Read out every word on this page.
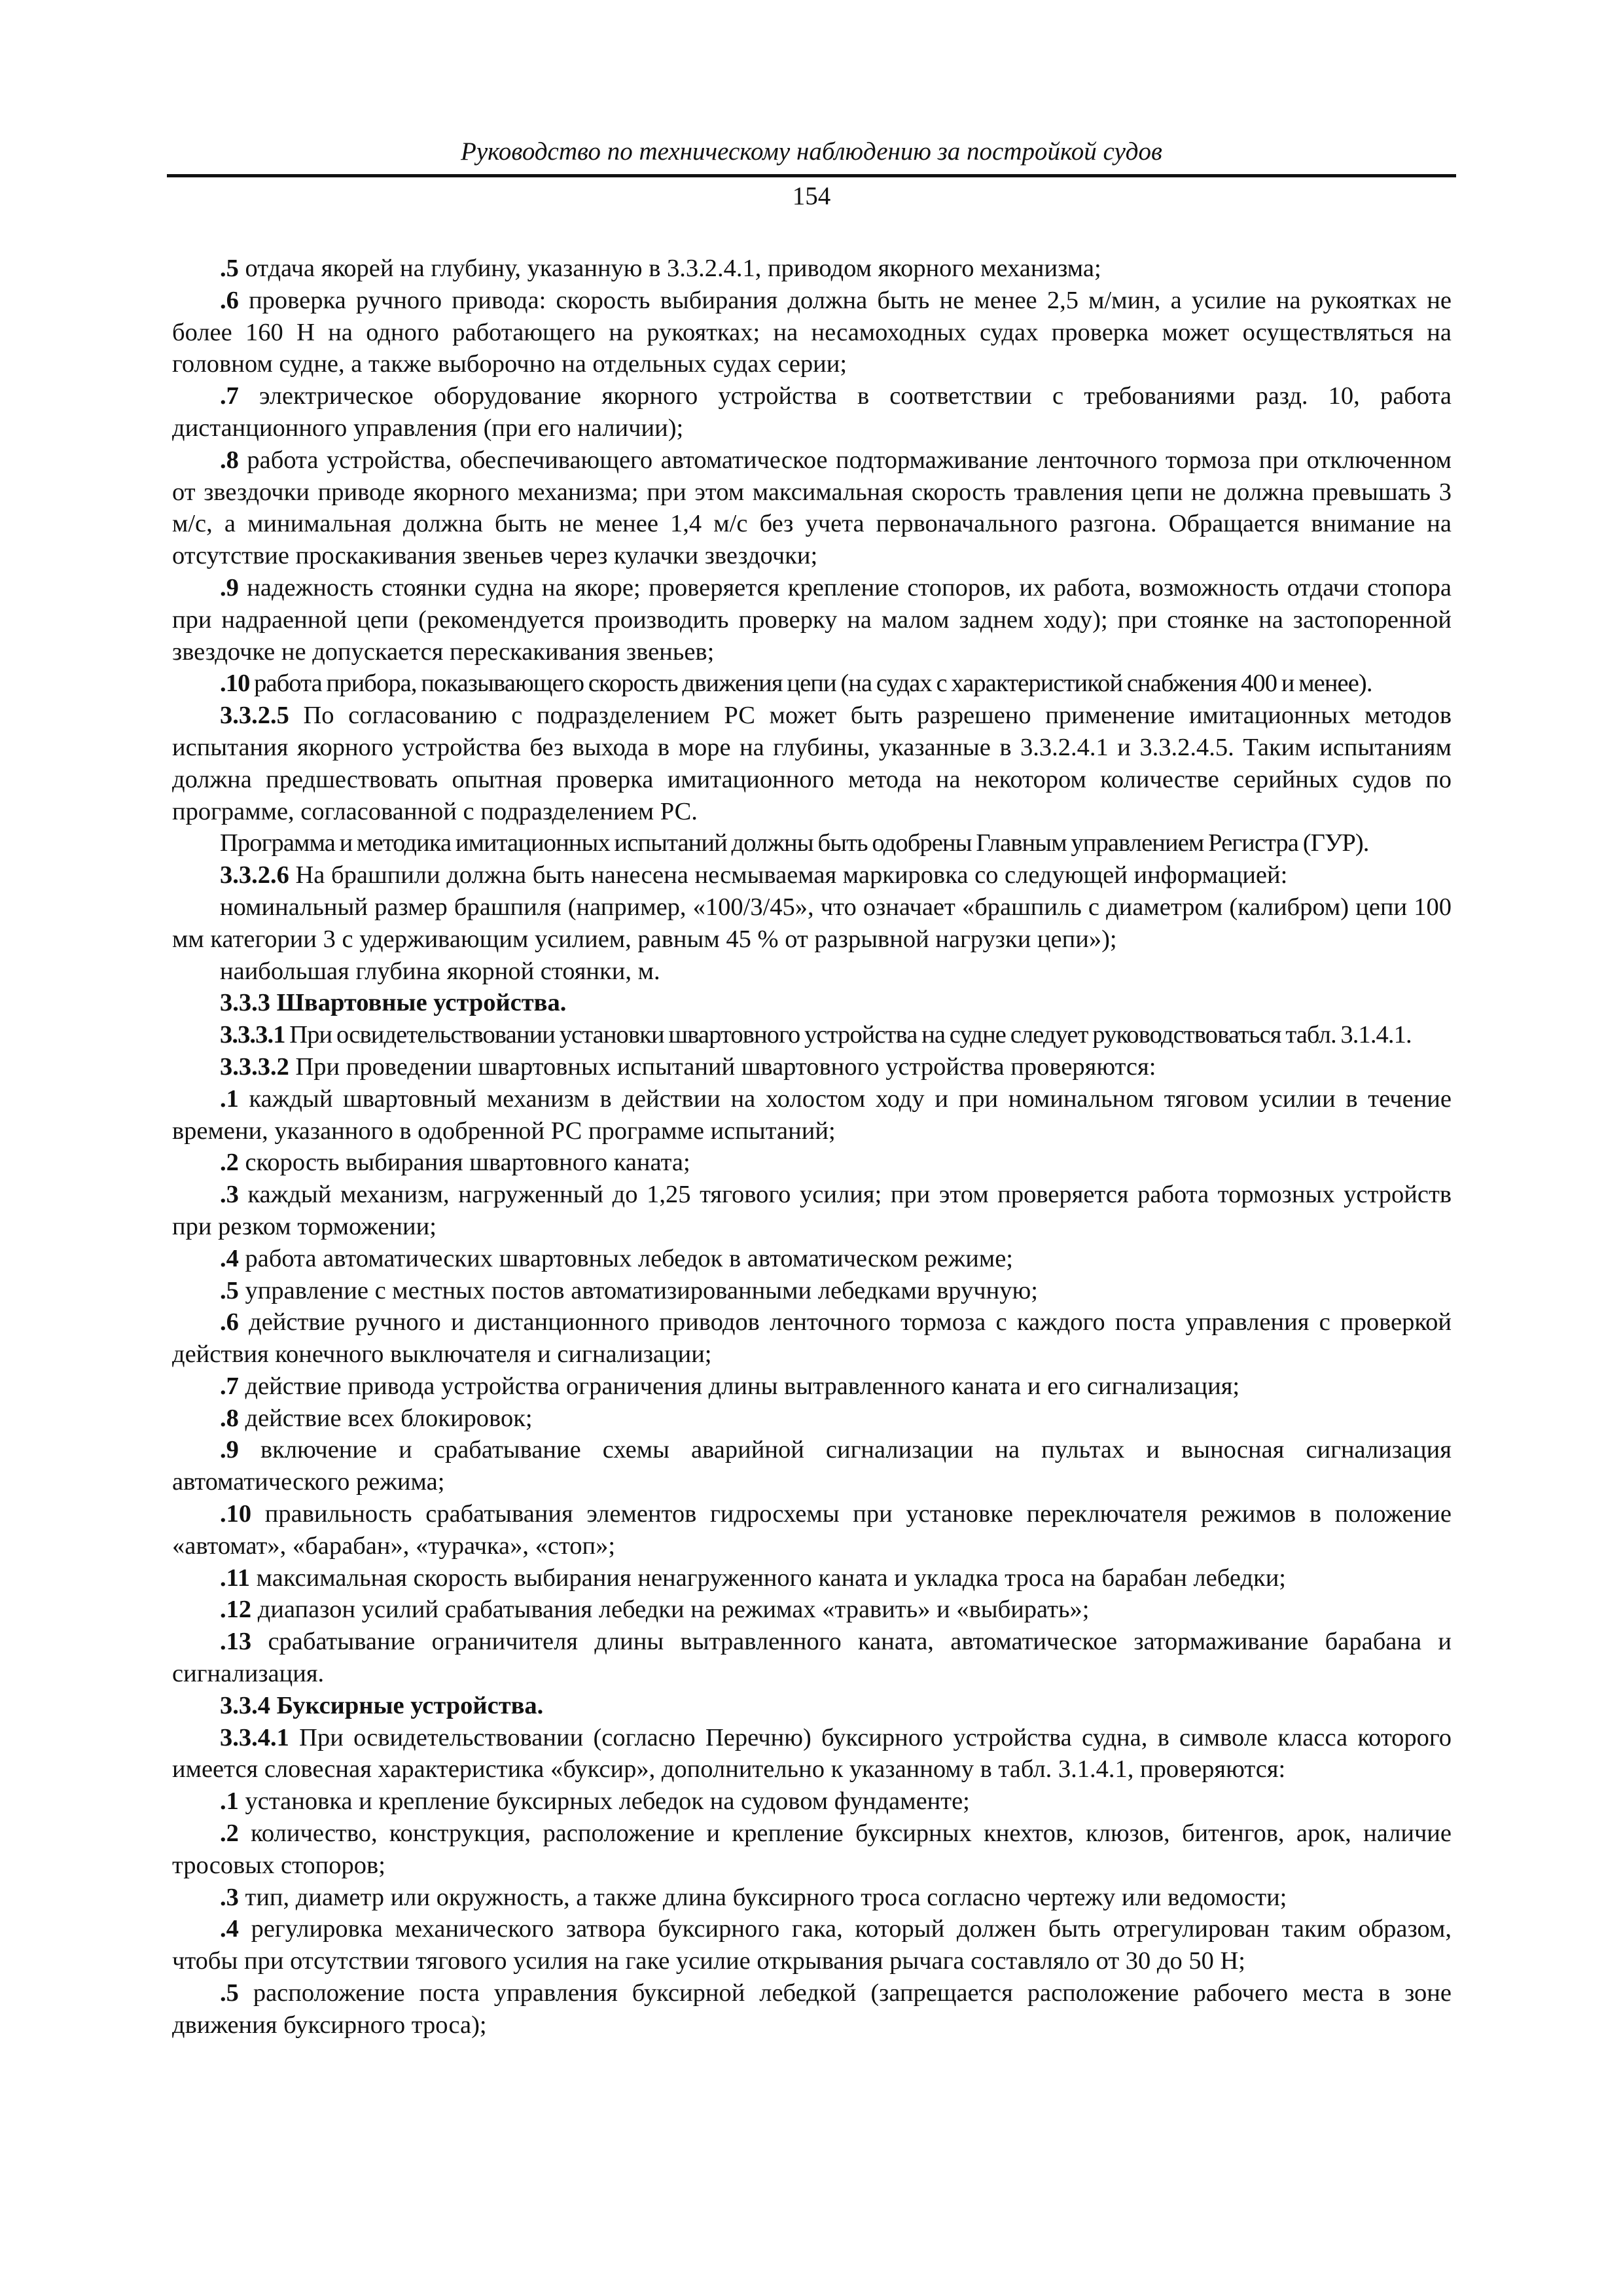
Руководство по техническому наблюдению за постройкой судов
154

.5 отдача якорей на глубину, указанную в 3.3.2.4.1, приводом якорного механизма;

.6 проверка ручного привода: скорость выбирания должна быть не менее 2,5 м/мин, а усилие на рукоятках не более 160 Н на одного работающего на рукоятках; на несамоходных судах проверка может осуществляться на головном судне, а также выборочно на отдельных судах серии;

.7 электрическое оборудование якорного устройства в соответствии с требованиями разд. 10, работа дистанционного управления (при его наличии);

.8 работа устройства, обеспечивающего автоматическое подтормаживание ленточного тормоза при отключенном от звездочки приводе якорного механизма; при этом максимальная скорость травления цепи не должна превышать 3 м/с, а минимальная должна быть не менее 1,4 м/с без учета первоначального разгона. Обращается внимание на отсутствие проскакивания звеньев через кулачки звездочки;

.9 надежность стоянки судна на якоре; проверяется крепление стопоров, их работа, возможность отдачи стопора при надраенной цепи (рекомендуется производить проверку на малом заднем ходу); при стоянке на застопоренной звездочке не допускается перескакивания звеньев;

.10 работа прибора, показывающего скорость движения цепи (на судах с характеристикой снабжения 400 и менее).

3.3.2.5 По согласованию с подразделением РС может быть разрешено применение имитационных методов испытания якорного устройства без выхода в море на глубины, указанные в 3.3.2.4.1 и 3.3.2.4.5. Таким испытаниям должна предшествовать опытная проверка имитационного метода на некотором количестве серийных судов по программе, согласованной с подразделением РС.

Программа и методика имитационных испытаний должны быть одобрены Главным управлением Регистра (ГУР).

3.3.2.6 На брашпили должна быть нанесена несмываемая маркировка со следующей информацией:

номинальный размер брашпиля (например, «100/3/45», что означает «брашпиль с диаметром (калибром) цепи 100 мм категории 3 с удерживающим усилием, равным 45 % от разрывной нагрузки цепи»);

наибольшая глубина якорной стоянки, м.

3.3.3 Швартовные устройства.

3.3.3.1 При освидетельствовании установки швартовного устройства на судне следует руководствоваться табл. 3.1.4.1.

3.3.3.2 При проведении швартовных испытаний швартовного устройства проверяются:

.1 каждый швартовный механизм в действии на холостом ходу и при номинальном тяговом усилии в течение времени, указанного в одобренной РС программе испытаний;

.2 скорость выбирания швартовного каната;

.3 каждый механизм, нагруженный до 1,25 тягового усилия; при этом проверяется работа тормозных устройств при резком торможении;

.4 работа автоматических швартовных лебедок в автоматическом режиме;

.5 управление с местных постов автоматизированными лебедками вручную;

.6 действие ручного и дистанционного приводов ленточного тормоза с каждого поста управления с проверкой действия конечного выключателя и сигнализации;

.7 действие привода устройства ограничения длины вытравленного каната и его сигнализация;

.8 действие всех блокировок;

.9 включение и срабатывание схемы аварийной сигнализации на пультах и выносная сигнализация автоматического режима;

.10 правильность срабатывания элементов гидросхемы при установке переключателя режимов в положение «автомат», «барабан», «турачка», «стоп»;

.11 максимальная скорость выбирания ненагруженного каната и укладка троса на барабан лебедки;

.12 диапазон усилий срабатывания лебедки на режимах «травить» и «выбирать»;

.13 срабатывание ограничителя длины вытравленного каната, автоматическое затормаживание барабана и сигнализация.

3.3.4 Буксирные устройства.

3.3.4.1 При освидетельствовании (согласно Перечню) буксирного устройства судна, в символе класса которого имеется словесная характеристика «буксир», дополнительно к указанному в табл. 3.1.4.1, проверяются:

.1 установка и крепление буксирных лебедок на судовом фундаменте;

.2 количество, конструкция, расположение и крепление буксирных кнехтов, клюзов, битенгов, арок, наличие тросовых стопоров;

.3 тип, диаметр или окружность, а также длина буксирного троса согласно чертежу или ведомости;

.4 регулировка механического затвора буксирного гака, который должен быть отрегулирован таким образом, чтобы при отсутствии тягового усилия на гаке усилие открывания рычага составляло от 30 до 50 Н;

.5 расположение поста управления буксирной лебедкой (запрещается расположение рабочего места в зоне движения буксирного троса);
